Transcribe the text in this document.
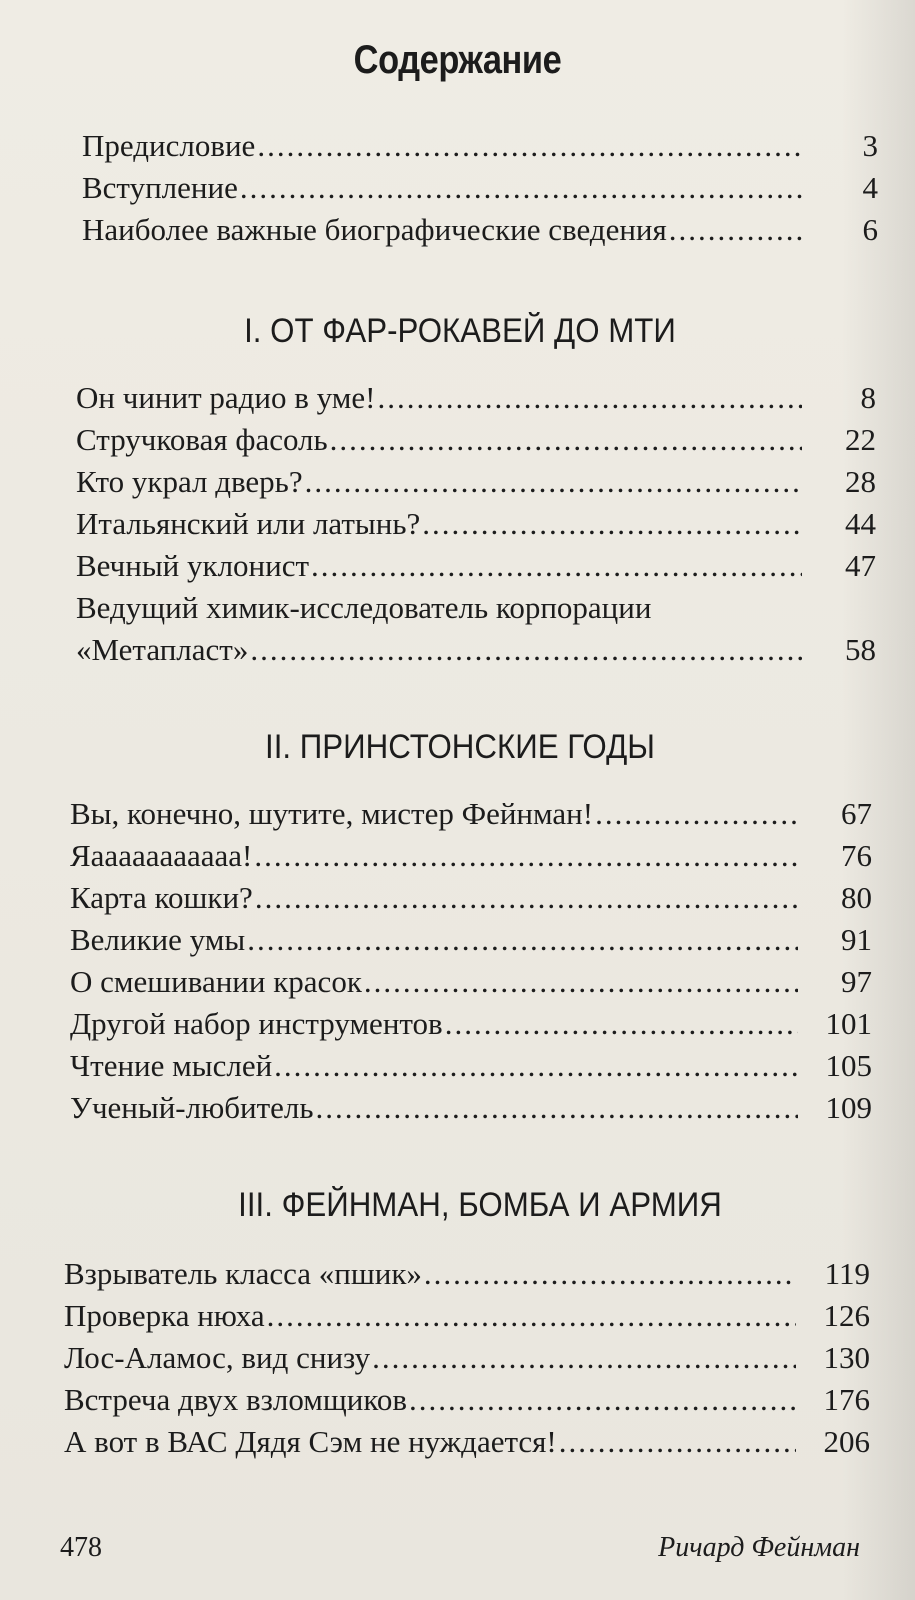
Содержание
Предисловие .....	3
Вступление .....	4
Наиболее важные биографические сведения .....	6
I. ОТ ФАР-РОКАВЕЙ ДО МТИ
Он чинит радио в уме! .....	8
Стручковая фасоль .....	22
Кто украл дверь? .....	28
Итальянский или латынь? .....	44
Вечный уклонист .....	47
Ведущий химик-исследователь корпорации
«Метапласт» .....	58
II. ПРИНСТОНСКИЕ ГОДЫ
Вы, конечно, шутите, мистер Фейнман! .....	67
Яааааааааааа! .....	76
Карта кошки? .....	80
Великие умы .....	91
О смешивании красок .....	97
Другой набор инструментов .....	101
Чтение мыслей .....	105
Ученый-любитель .....	109
III. ФЕЙНМАН, БОМБА И АРМИЯ
Взрыватель класса «пшик» .....	119
Проверка нюха .....	126
Лос-Аламос, вид снизу .....	130
Встреча двух взломщиков .....	176
А вот в ВАС Дядя Сэм не нуждается! .....	206
478	Ричард Фейнман
